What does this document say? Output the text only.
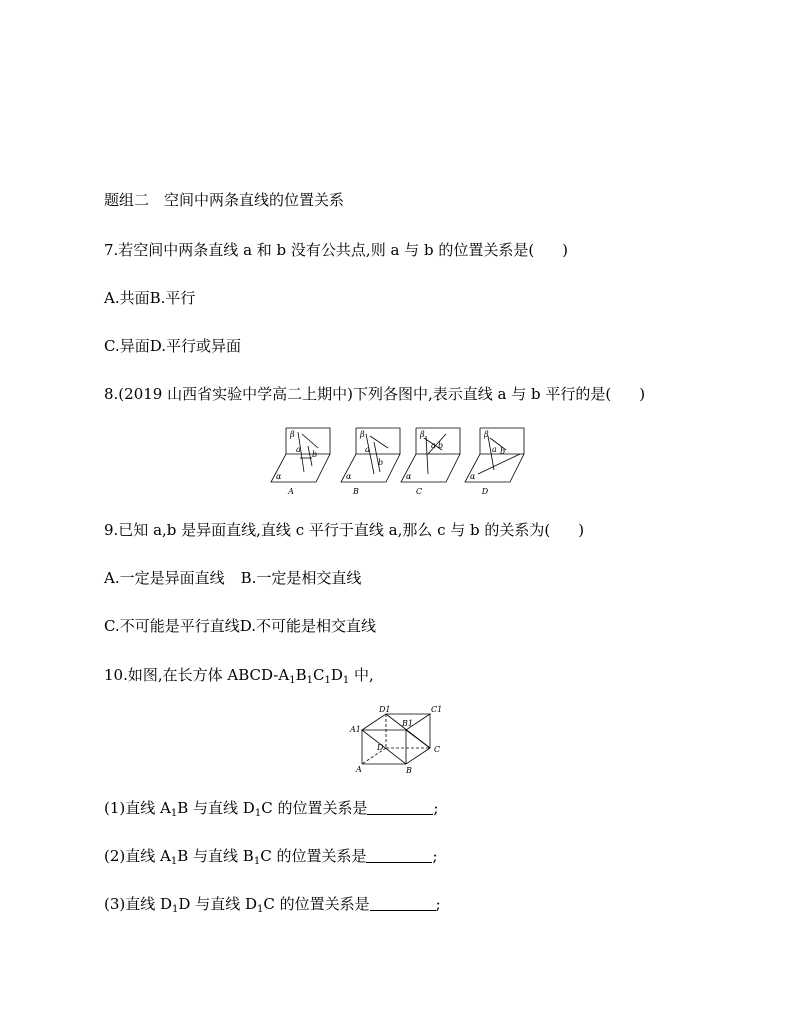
题组二　空间中两条直线的位置关系
7.若空间中两条直线 a 和 b 没有公共点,则 a 与 b 的位置关系是( )
A.共面B.平行
C.异面D.平行或异面
8.(2019 山西省实验中学高二上期中)下列各图中,表示直线 a 与 b 平行的是( )
β
α
a
b
β
α
a
b
β
α
a b
β
α
a b
A	B	C	D
9.已知 a,b 是异面直线,直线 c 平行于直线 a,那么 c 与 b 的关系为( )
A.一定是异面直线 B.一定是相交直线
C.不可能是平行直线D.不可能是相交直线
10.如图,在长方体 ABCD-$A_1B_1C_1D_1$ 中,
D1	C1
A1
B1
D	C
A	B
(1)直线 $A_1B$ 与直线 $D_1C$ 的位置关系是	;
(2)直线 $A_1B$ 与直线 $B_1C$ 的位置关系是	;
(3)直线 $D_1D$ 与直线 $D_1C$ 的位置关系是	;
